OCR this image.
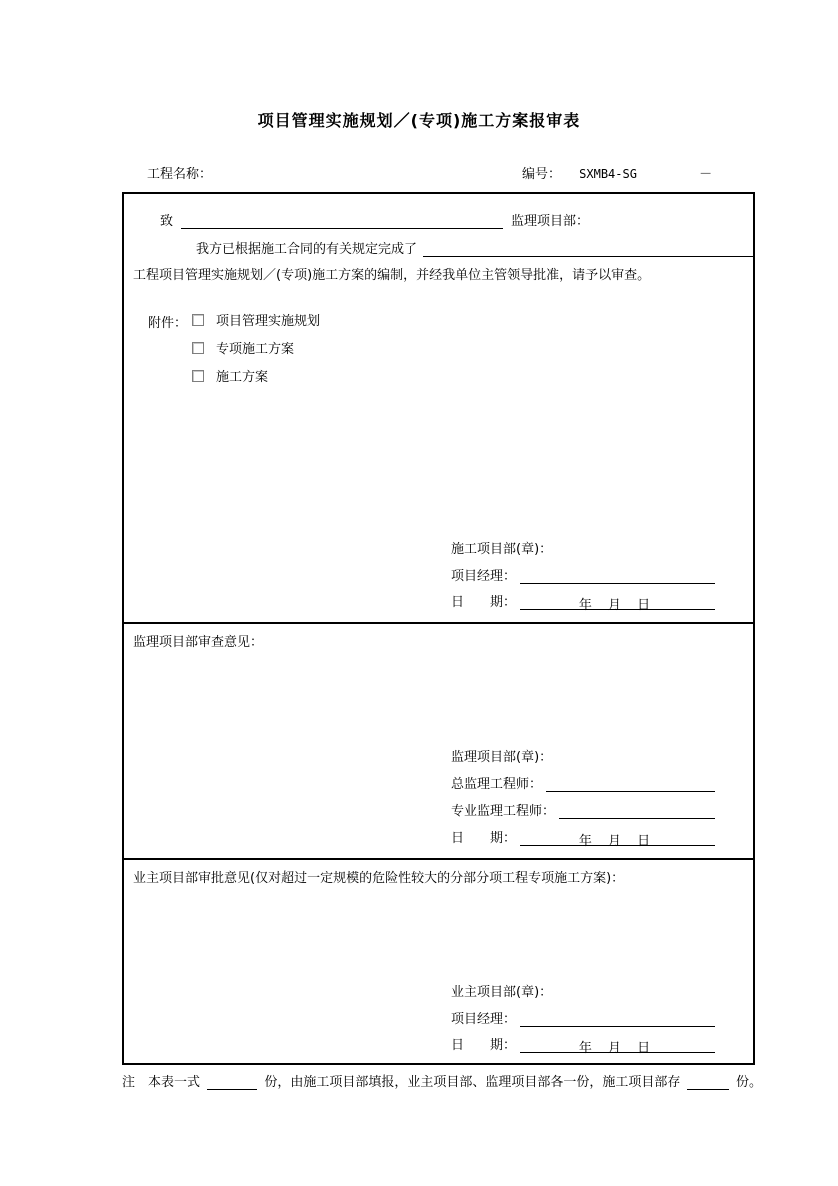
项目管理实施规划／(专项)施工方案报审表
工程名称：	编号： SXMB4-SG	－
致	监理项目部：
我方已根据施工合同的有关规定完成了
工程项目管理实施规划／(专项)施工方案的编制，并经我单位主管领导批准，请予以审查。
附件： 项目管理实施规划
专项施工方案
施工方案
施工项目部(章)：
项目经理：
日　　期：	年 月 日
监理项目部审查意见：
监理项目部(章)：
总监理工程师：
专业监理工程师：
日　　期：	年 月 日
业主项目部审批意见(仅对超过一定规模的危险性较大的分部分项工程专项施工方案)：
业主项目部(章)：
项目经理：
日　　期：	年 月 日
注　本表一式	份，由施工项目部填报，业主项目部、监理项目部各一份，施工项目部存	份。
